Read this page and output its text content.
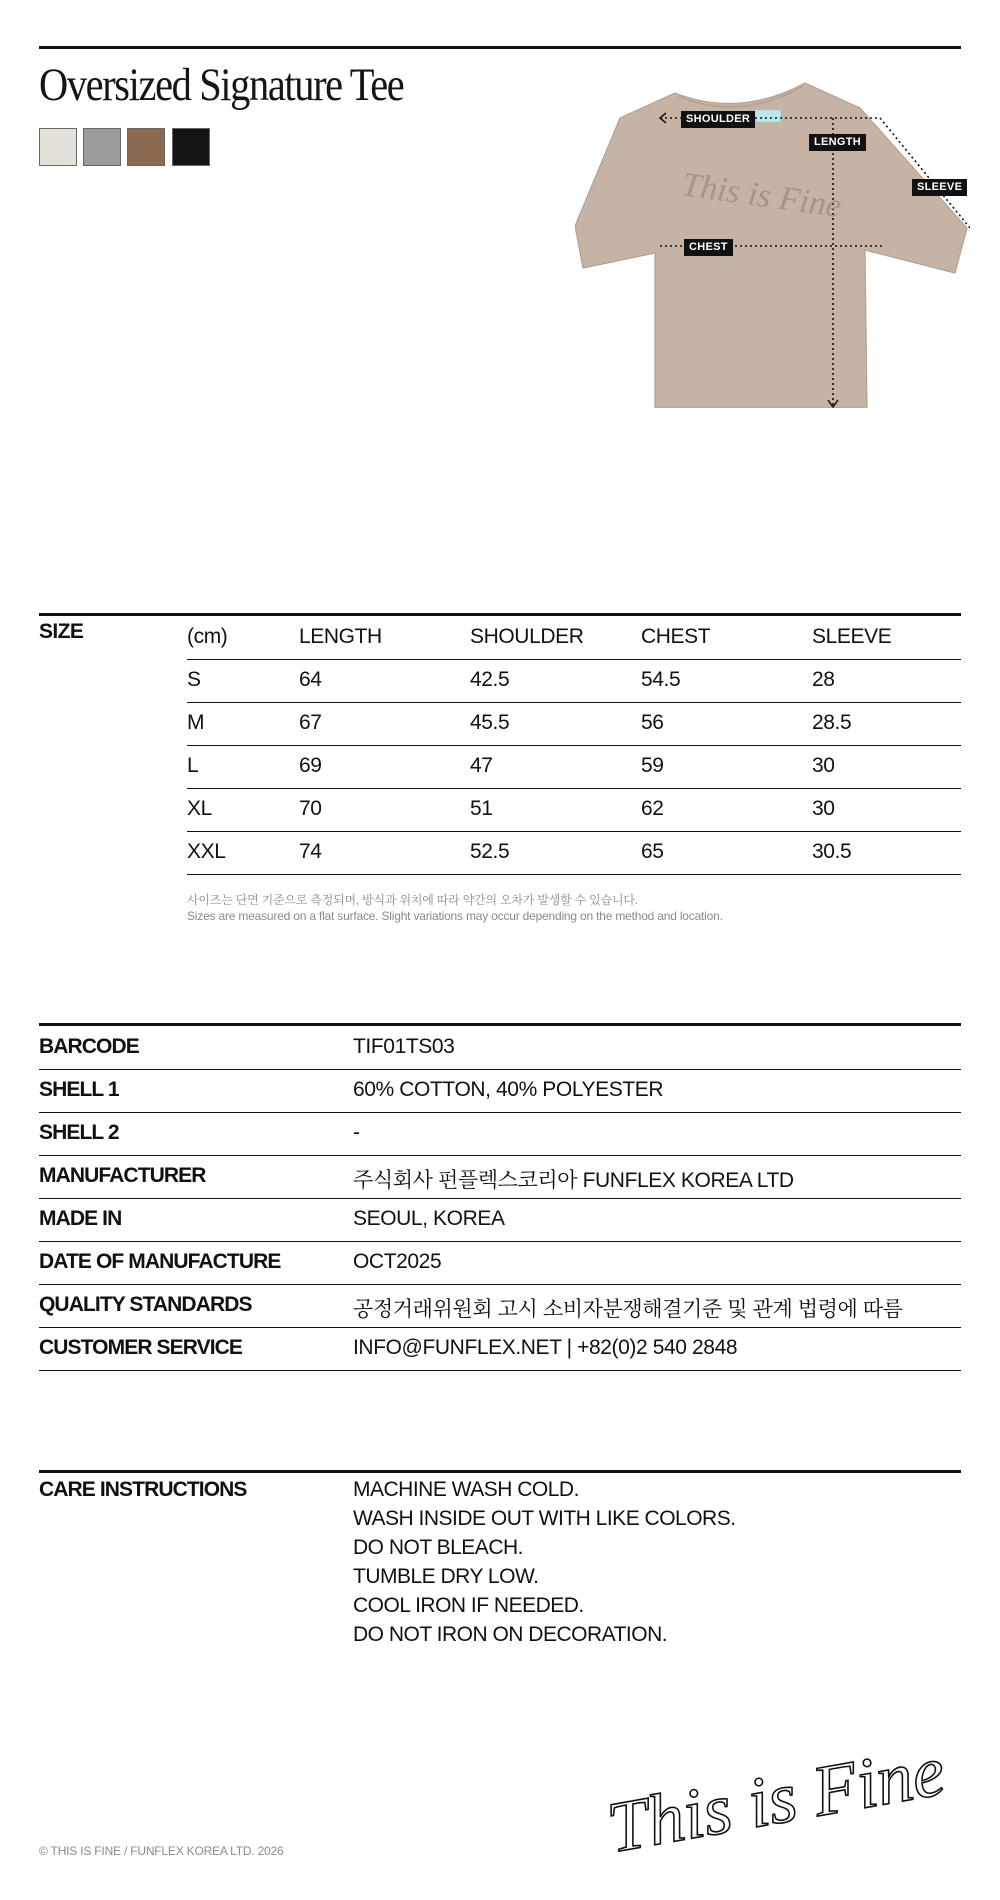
Oversized Signature Tee
This is Fine
SHOULDER
LENGTH
SLEEVE
CHEST
SIZE	(cm)	LENGTH	SHOULDER	CHEST	SLEEVE
S	64	42.5	54.5	28
M	67	45.5	56	28.5
L	69	47	59	30
XL	70	51	62	30
XXL	74	52.5	65	30.5
사이즈는 단면 기준으로 측정되며, 방식과 위치에 따라 약간의 오차가 발생할 수 있습니다.
Sizes are measured on a flat surface. Slight variations may occur depending on the method and location.
BARCODE	TIF01TS03
SHELL 1	60% COTTON, 40% POLYESTER
SHELL 2	-
MANUFACTURER	주식회사 펀플렉스코리아 FUNFLEX KOREA LTD
MADE IN	SEOUL, KOREA
DATE OF MANUFACTURE	OCT2025
QUALITY STANDARDS	공정거래위원회 고시 소비자분쟁해결기준 및 관계 법령에 따름
CUSTOMER SERVICE	INFO@FUNFLEX.NET | +82(0)2 540 2848
CARE INSTRUCTIONS	MACHINE WASH COLD.
WASH INSIDE OUT WITH LIKE COLORS.
DO NOT BLEACH.
TUMBLE DRY LOW.
COOL IRON IF NEEDED.
DO NOT IRON ON DECORATION.
© THIS IS FINE / FUNFLEX KOREA LTD. 2026	This is Fine
